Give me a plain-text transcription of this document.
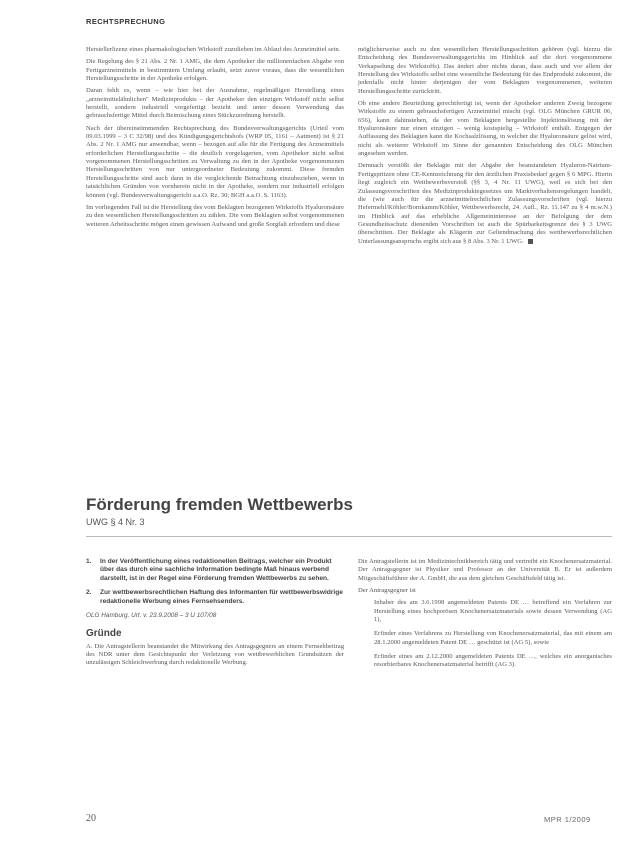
RECHTSPRECHUNG

Herstellerlizenz eines pharmakologischen Wirkstoff zuzulieben im Ablauf des Arzneimittel sein.

Die Regelung des § 21 Abs. 2 Nr. 1 AMG, die dem Apotheker die millionenfachen Abgabe von Fertigarzneimitteln in bestimmtem Umfang erlaubt, setzt zuvor voraus, dass die wesentlichen Herstellungsschritte in der Apotheke erfolgen.

Daran fehlt es, wenn – wie hier bei der Ausnahme, regelmäßigen Herstellung eines „arzneimittelähnlichen" Medizinprodukts – der Apotheker den einzigen Wirkstoff nicht selbst herstellt, sondern industriell vorgefertigt bezieht und unter dessen Verwendung das gebrauchsfertige Mittel durch Beimischung eines Stückzuordnung herstellt.

Nach der übereinstimmenden Rechtsprechung des Bundesverwaltungsgerichts (Urteil vom 09.03.1999 – 3 C 32/98) und des Kündigungsgerichtshofs (WRP 05, 1161 – Aatment) ist § 21 Abs. 2 Nr. 1 AMG nur anwendbar, wenn – bezogen auf alle für die Fertigung des Arzneimittels erforderlichen Herstellungsschritte – die deutlich vorgelagerten, vom Apotheker nicht selbst vorgenommenen Herstellungsschritten zu Verwaltung zu den in der Apotheke vorgenommenen Herstellungsschritten von nur untergeordneter Bedeutung zukommt. Diese fremden Herstellungsschritte sind auch dann in die vergleichende Betrachtung einzubeziehen, wenn in tatsächlichen Gründen von vornherein nicht in der Apotheke, sondern nur industriell erfolgen können (vgl. Bundesverwaltungsgericht a.a.O. Rz. 30; BGH a.a.O. S. 1163).

Im vorliegenden Fall ist die Herstellung des vom Beklagten bezogenen Wirkstoffs Hyaluronsäure zu den wesentlichen Herstellungsschritten zu zählen. Die vom Beklagten selbst vorgenommenen weiteren Arbeitsschritte mögen einen gewissen Aufwand und große Sorgfalt erfordern und diese

möglicherweise auch zu den wesentlichen Herstellungsschritten gehören (vgl. hierzu die Entscheidung des Bundesverwaltungsgerichts im Hinblick auf die dort vorgenommene Verkapselung des Wirkstoffs). Das ändert aber nichts daran, dass auch und vor allem der Herstellung des Wirkstoffs selbst eine wesentliche Bedeutung für das Endprodukt zukommt, die jedenfalls nicht hinter derjenigen der vom Beklagten vorgenommenen, weiteren Herstellungsschritte zurücktritt.

Ob eine andere Beurteilung gerechtfertigt ist, wenn der Apotheker anderen Zweig bezogene Wirkstoffe zu einem gebrauchsfertigen Arzneimittel mischt (vgl. OLG München GRUR 06, 656), kann dahinstehen, da der vom Beklagten hergestellte Injektionslösung mit der Hyaluronsäure nur einen einzigen – wenig kostspielig – Wirkstoff enthält. Entgegen der Auffassung des Beklagten kann die Kochsalzlösung, in welcher die Hyaluronsäure gelöst wird, nicht als weiterer Wirkstoff im Sinne der genannten Entscheidung des OLG München angesehen werden.

Demnach verstößt der Beklagte mit der Abgabe der beanstandeten Hyaluron-Natrium-Fertigspritzen ohne CE-Kennzeichnung für den ärztlichen Praxisbedarf gegen § 6 MPG. Hierin liegt zugleich ein Wettbewerbsverstoß (§§ 3, 4 Nr. 11 UWG), weil es sich bei den Zulassungsvorschriften des Medizinproduktegesetzes um Marktverhaltensregelungen handelt, die (wie auch für die arzneimittelrechtlichen Zulassungsvorschriften (vgl. hierzu Hefermehl/Köhler/Bornkamm/Köhler, Wettbewerbsrecht, 24. Aufl., Rz. 11.147 zu § 4 m.w.N.) im Hinblick auf das erhebliche Allgemeininteresse an der Befolgung der dem Gesundheitsschutz dienenden Vorschriften ist auch die Spürbarkeitsgrenze des § 3 UWG überschritten. Der Beklagte als Klägerin zur Geltendmachung des wettbewerbsrechtlichen Unterlassungsanspruchs ergibt sich aus § 8 Abs. 3 Nr. 1 UWG.

Förderung fremden Wettbewerbs
UWG § 4 Nr. 3
1.	In der Veröffentlichung eines redaktionellen Beitrags, welcher ein Produkt über das durch eine sachliche Information bedingte Maß hinaus werbend darstellt, ist in der Regel eine Förderung fremden Wettbewerbs zu sehen.
2.	Zur wettbewerbsrechtlichen Haftung des Informanten für wettbewerbswidrige redaktionelle Werbung eines Fernsehsenders.
OLG Hamburg, Urt. v. 23.9.2008 – 3 U 107/08
Gründe
A. Die Antragstellerin beanstandet die Mitwirkung des Antragsgegners an einem Fernsehbeitrag des NDR unter dem Gesichtspunkt der Verletzung von wettbewerblichen Grundsätzen der unzulässigen Schleichwerbung durch redaktionelle Werbung.

Die Antragstellerin ist im Medizintechnikbereich tätig und vertreibt ein Knochenersatzmaterial. Der Antragsgegner ist Physiker und Professor an der Universität B. Er ist außerdem Mitgeschäftsführer der A. GmbH, die aus dem gleichen Geschäftsfeld tätig ist.

Der Antragsgegner ist

Inhaber des am 3.6.1998 angemeldeten Patents DE … betreffend ein Verfahren zur Herstellung eines hochporösen Knochenersatzmaterials sowie dessen Verwendung (AG 1),
Erfinder eines Verfahrens zu Herstellung von Knochenersatzmaterial, das mit einem am 28.1.2000 angemeldeten Patent DE … geschützt ist (AG 5), sowie
Erfinder eines am 2.12.2000 angemeldeten Patents DE …, welches ein anorganisches resorbierbares Knochenersatzmaterial betrifft (AG 3).
20	MPR 1/2009
